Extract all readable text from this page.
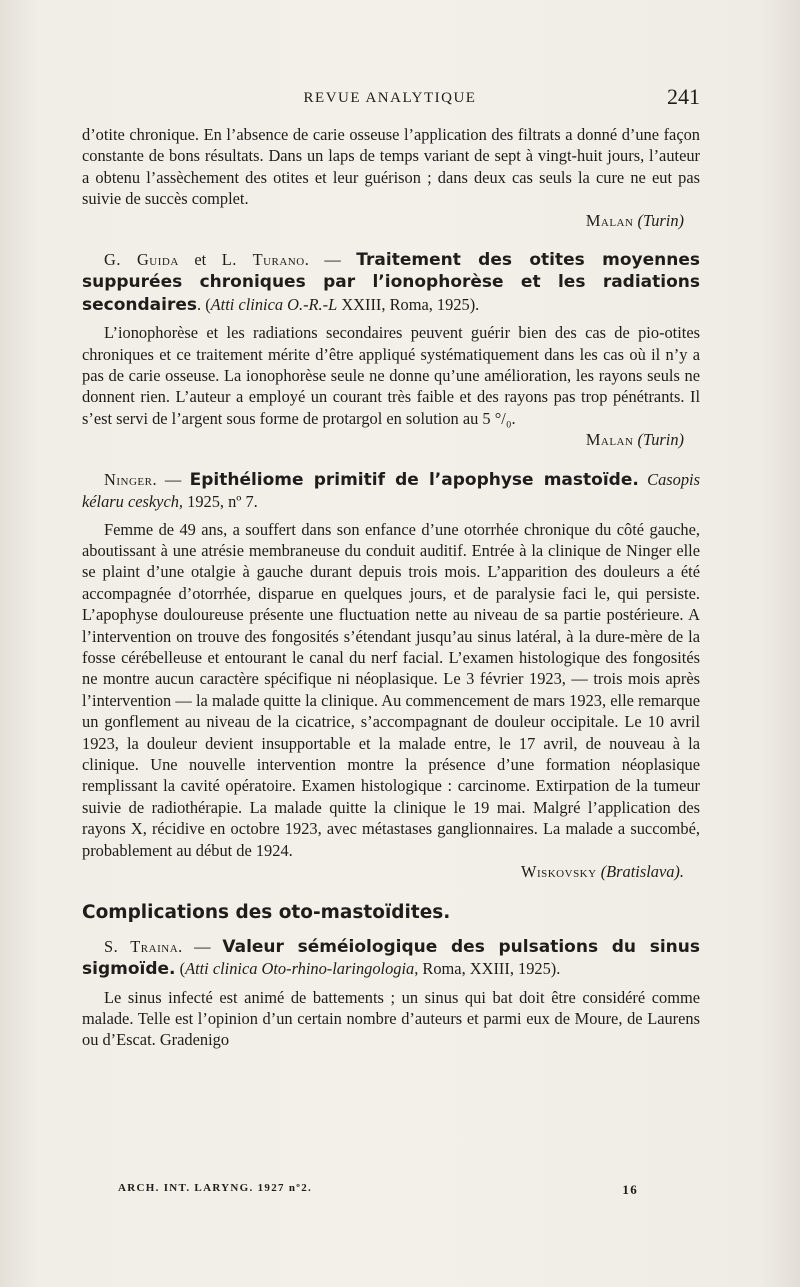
REVUE ANALYTIQUE	241

d’otite chronique. En l’absence de carie osseuse l’application des filtrats a donné d’une façon constante de bons résultats. Dans un laps de temps variant de sept à vingt-huit jours, l’auteur a obtenu l’assèchement des otites et leur guérison ; dans deux cas seuls la cure ne eut pas suivie de succès complet.

Malan (Turin)

G. Guida et L. Turano. — Traitement des otites moyennes suppurées chroniques par l’ionophorèse et les radiations secondaires. (Atti clinica O.-R.-L XXIII, Roma, 1925).

L’ionophorèse et les radiations secondaires peuvent guérir bien des cas de pio-otites chroniques et ce traitement mérite d’être appliqué systématiquement dans les cas où il n’y a pas de carie osseuse. La ionophorèse seule ne donne qu’une amélioration, les rayons seuls ne donnent rien. L’auteur a employé un courant très faible et des rayons pas trop pénétrants. Il s’est servi de l’argent sous forme de protargol en solution au 5 °/₀.

Malan (Turin)

Ninger. — Epithéliome primitif de l’apophyse mastoïde. Casopis kélaru ceskych, 1925, nº 7.

Femme de 49 ans, a souffert dans son enfance d’une otorrhée chronique du côté gauche, aboutissant à une atrésie membraneuse du conduit auditif. Entrée à la clinique de Ninger elle se plaint d’une otalgie à gauche durant depuis trois mois. L’apparition des douleurs a été accompagnée d’otorrhée, disparue en quelques jours, et de paralysie faci le, qui persiste. L’apophyse douloureuse présente une fluctuation nette au niveau de sa partie postérieure. A l’intervention on trouve des fongosités s’étendant jusqu’au sinus latéral, à la dure-mère de la fosse cérébelleuse et entourant le canal du nerf facial. L’examen histologique des fongosités ne montre aucun caractère spécifique ni néoplasique. Le 3 février 1923, — trois mois après l’intervention — la malade quitte la clinique. Au commencement de mars 1923, elle remarque un gonflement au niveau de la cicatrice, s’accompagnant de douleur occipitale. Le 10 avril 1923, la douleur devient insupportable et la malade entre, le 17 avril, de nouveau à la clinique. Une nouvelle intervention montre la présence d’une formation néoplasique remplissant la cavité opératoire. Examen histologique : carcinome. Extirpation de la tumeur suivie de radiothérapie. La malade quitte la clinique le 19 mai. Malgré l’application des rayons X, récidive en octobre 1923, avec métastases ganglionnaires. La malade a succombé, probablement au début de 1924.

Wiskovsky (Bratislava).

Complications des oto-mastoïdites.

S. Traina. — Valeur séméiologique des pulsations du sinus sigmoïde. (Atti clinica Oto-rhino-laringologia, Roma, XXIII, 1925).

Le sinus infecté est animé de battements ; un sinus qui bat doit être considéré comme malade. Telle est l’opinion d’un certain nombre d’auteurs et parmi eux de Moure, de Laurens ou d’Escat. Gradenigo

ARCH. INT. LARYNG. 1927 nº2.	16
